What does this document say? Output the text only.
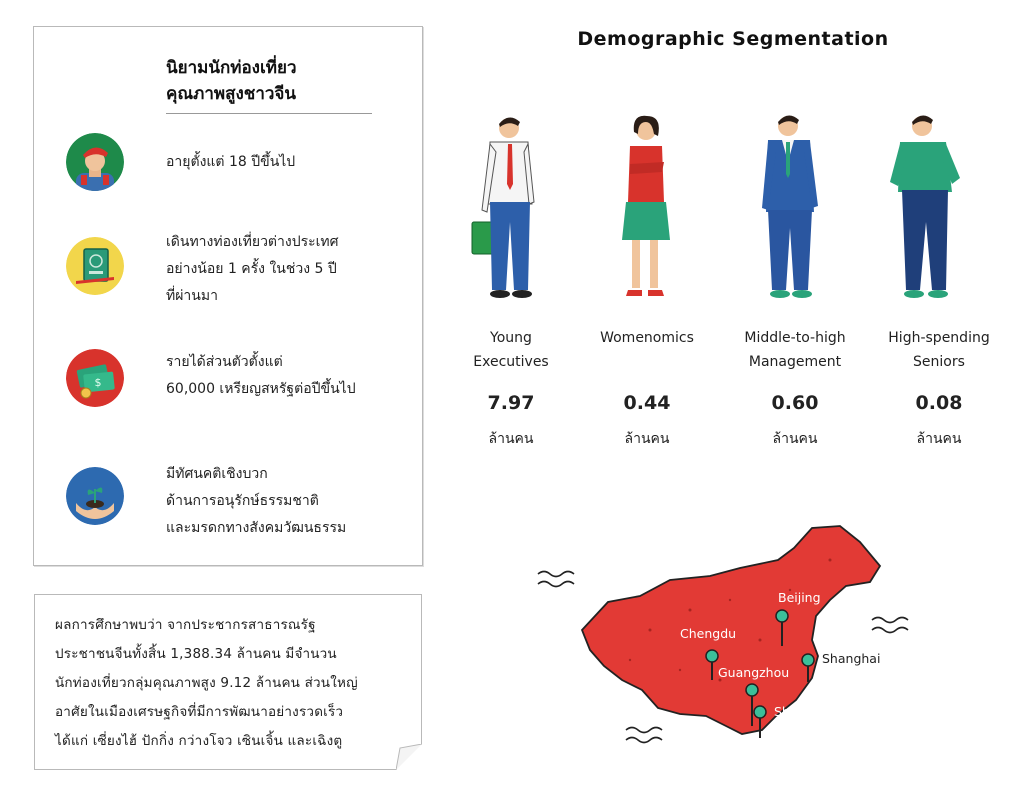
นิยามนักท่องเที่ยว
คุณภาพสูงชาวจีน
อายุตั้งแต่ 18 ปีขึ้นไป
เดินทางท่องเที่ยวต่างประเทศ
อย่างน้อย 1 ครั้ง ในช่วง 5 ปี
ที่ผ่านมา
$
รายได้ส่วนตัวตั้งแต่
60,000 เหรียญสหรัฐต่อปีขึ้นไป
มีทัศนคติเชิงบวก
ด้านการอนุรักษ์ธรรมชาติ
และมรดกทางสังคมวัฒนธรรม
ผลการศึกษาพบว่า จากประชากรสาธารณรัฐ
ประชาชนจีนทั้งสิ้น 1,388.34 ล้านคน มีจำนวน
นักท่องเที่ยวกลุ่มคุณภาพสูง 9.12 ล้านคน ส่วนใหญ่
อาศัยในเมืองเศรษฐกิจที่มีการพัฒนาอย่างรวดเร็ว
ได้แก่ เซี่ยงไฮ้ ปักกิ่ง กว่างโจว เซินเจิ้น และเฉิงตู
Demographic Segmentation
Young
Executives
7.97
ล้านคน
Womenomics
0.44
ล้านคน
Middle-to-high
Management
0.60
ล้านคน
High-spending
Seniors
0.08
ล้านคน
Beijing
Chengdu
Shanghai
Guangzhou
Shenzhen
